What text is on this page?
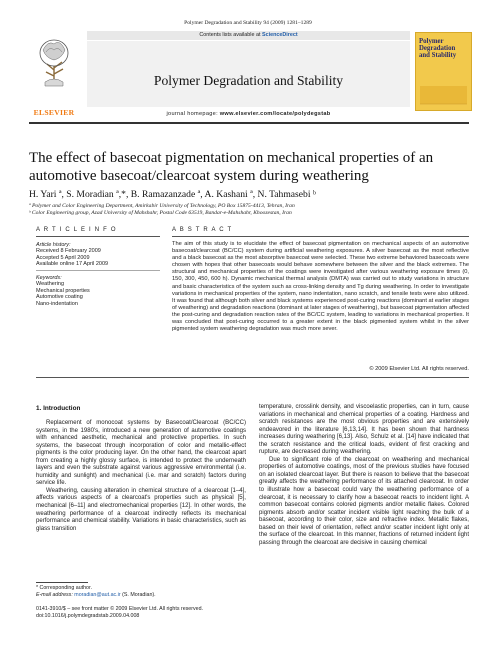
Polymer Degradation and Stability 94 (2009) 1281–1289
ELSEVIER
Contents lists available at ScienceDirect
Polymer Degradation and Stability
journal homepage: www.elsevier.com/locate/polydegstab
Polymer Degradation and Stability
The effect of basecoat pigmentation on mechanical properties of an automotive basecoat/clearcoat system during weathering
H. Yari ª, S. Moradian ª,*, B. Ramazanzade ª, A. Kashani ª, N. Tahmasebi ᵇ
ª Polymer and Color Engineering Department, Amirkabir University of Technology, PO Box 15875-4413, Tehran, Iran
ᵇ Color Engineering group, Azad University of Mahshahr, Postal Code 63519, Bandar-e-Mahshahr, Khoozestan, Iran
A R T I C L E I N F O	A B S T R A C T
Article history:
Received 8 February 2009
Accepted 5 April 2009
Available online 17 April 2009
Keywords:
Weathering
Mechanical properties
Automotive coating
Nano-indentation
The aim of this study is to elucidate the effect of basecoat pigmentation on mechanical aspects of an automotive basecoat/clearcoat (BC/CC) system during artificial weathering exposures. A silver basecoat as the most reflective and a black basecoat as the most absorptive basecoat were selected. These two extreme behaviored basecoats were chosen with hopes that other basecoats would behave somewhere between the silver and the black extremes. The structural and mechanical properties of the coatings were investigated after various weathering exposure times (0, 150, 300, 450, 600 h). Dynamic mechanical thermal analysis (DMTA) was carried out to study variations in structure and basic characteristics of the system such as cross-linking density and Tg during weathering. In order to investigate variations in mechanical properties of the system, nano indentation, nano scratch, and tensile tests were also utilized. It was found that although both silver and black systems experienced post-curing reactions (dominant at earlier stages of weathering) and degradation reactions (dominant at later stages of weathering), but basecoat pigmentation affected the post-curing and degradation reaction rates of the BC/CC system, leading to variations in mechanical properties. It was concluded that post-curing occurred to a greater extent in the black pigmented system whilst in the silver pigmented system weathering degradation was much more sever.
© 2009 Elsevier Ltd. All rights reserved.
1. Introduction

Replacement of monocoat systems by Basecoat/Clearcoat (BC/CC) systems, in the 1980's, introduced a new generation of automotive coatings with enhanced aesthetic, mechanical and protective properties. In such systems, the basecoat through incorporation of color and metallic-effect pigments is the color producing layer. On the other hand, the clearcoat apart from creating a highly glossy surface, is intended to protect the underneath layers and even the substrate against various aggressive environmental (i.e. humidity and sunlight) and mechanical (i.e. mar and scratch) factors during service life.

Weathering, causing alteration in chemical structure of a clearcoat [1–4], affects various aspects of a clearcoat's properties such as physical [5], mechanical [6–11] and electromechanical properties [12]. In other words, the weathering performance of a clearcoat indirectly reflects its mechanical performance and chemical stability. Variations in basic characteristics, such as glass transition

temperature, crosslink density, and viscoelastic properties, can in turn, cause variations in mechanical and chemical properties of a coating. Hardness and scratch resistances are the most obvious properties and are extensively endeavored in the literature [6,13,14]. It has been shown that hardness increases during weathering [6,13]. Also, Schulz et al. [14] have indicated that the scratch resistance and the critical loads, evident of first cracking and rupture, are decreased during weathering.

Due to significant role of the clearcoat on weathering and mechanical properties of automotive coatings, most of the previous studies have focused on an isolated clearcoat layer. But there is reason to believe that the basecoat greatly affects the weathering performance of its attached clearcoat. In order to illustrate how a basecoat could vary the weathering performance of a clearcoat, it is necessary to clarify how a basecoat reacts to incident light. A common basecoat contains colored pigments and/or metallic flakes. Colored pigments absorb and/or scatter incident visible light reaching the bulk of a basecoat, according to their color, size and refractive index. Metallic flakes, based on their level of orientation, reflect and/or scatter incident light only at the surface of the clearcoat. In this manner, fractions of returned incident light passing through the clearcoat are decisive in causing chemical

* Corresponding author.
E-mail address: moradian@aut.ac.ir (S. Moradian).
0141-3910/$ – see front matter © 2009 Elsevier Ltd. All rights reserved.
doi:10.1016/j.polymdegradstab.2009.04.008
